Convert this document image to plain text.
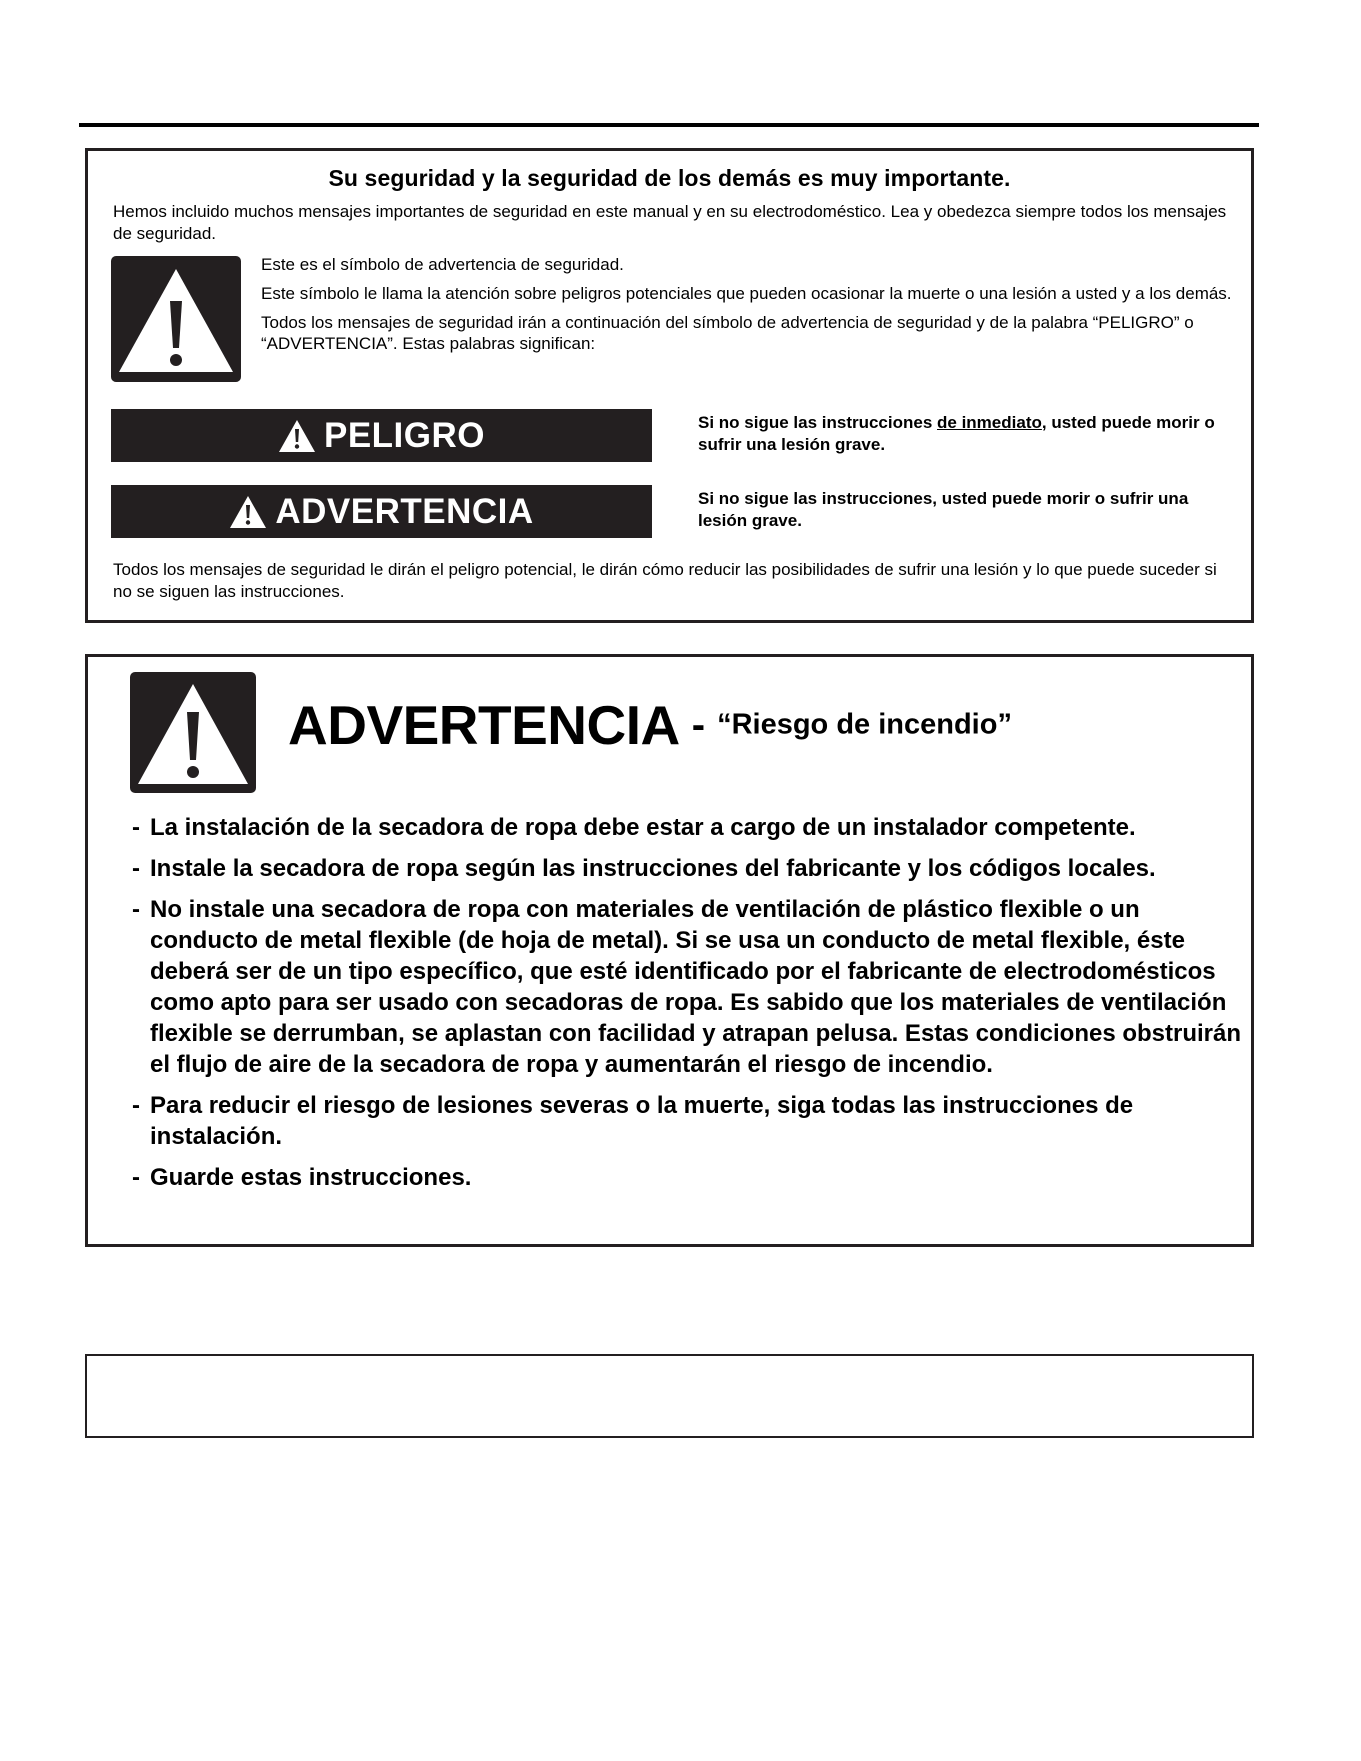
Su seguridad y la seguridad de los demás es muy importante.
Hemos incluido muchos mensajes importantes de seguridad en este manual y en su electrodoméstico. Lea y obedezca siempre todos los mensajes de seguridad.

Este es el símbolo de advertencia de seguridad.

Este símbolo le llama la atención sobre peligros potenciales que pueden ocasionar la muerte o una lesión a usted y a los demás.

Todos los mensajes de seguridad irán a continuación del símbolo de advertencia de seguridad y de la palabra “PELIGRO” o “ADVERTENCIA”. Estas palabras significan:

PELIGRO	Si no sigue las instrucciones de inmediato, usted puede morir o sufrir una lesión grave.
ADVERTENCIA	Si no sigue las instrucciones, usted puede morir o sufrir una lesión grave.
Todos los mensajes de seguridad le dirán el peligro potencial, le dirán cómo reducir las posibilidades de sufrir una lesión y lo que puede suceder si no se siguen las instrucciones.
ADVERTENCIA - “Riesgo de incendio”
- La instalación de la secadora de ropa debe estar a cargo de un instalador competente.
- Instale la secadora de ropa según las instrucciones del fabricante y los códigos locales.
- No instale una secadora de ropa con materiales de ventilación de plástico flexible o un conducto de metal flexible (de hoja de metal). Si se usa un conducto de metal flexible, éste deberá ser de un tipo específico, que esté identificado por el fabricante de electrodomésticos como apto para ser usado con secadoras de ropa. Es sabido que los materiales de ventilación flexible se derrumban, se aplastan con facilidad y atrapan pelusa. Estas condiciones obstruirán el flujo de aire de la secadora de ropa y aumentarán el riesgo de incendio.
- Para reducir el riesgo de lesiones severas o la muerte, siga todas las instrucciones de instalación.
- Guarde estas instrucciones.
